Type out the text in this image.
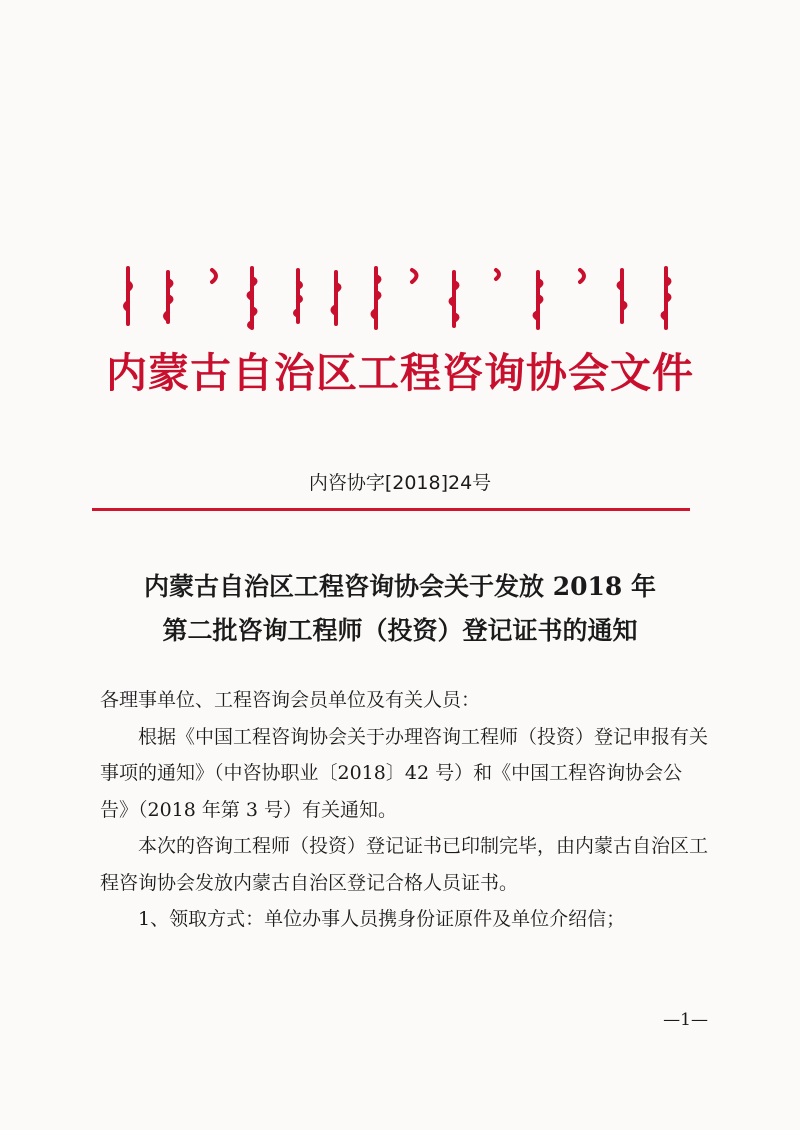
内蒙古自治区工程咨询协会文件
内咨协字[2018]24号
内蒙古自治区工程咨询协会关于发放 2018 年
第二批咨询工程师（投资）登记证书的通知

各理事单位、工程咨询会员单位及有关人员：

根据《中国工程咨询协会关于办理咨询工程师（投资）登记申报有关事项的通知》（中咨协职业〔2018〕42 号）和《中国工程咨询协会公告》（2018 年第 3 号）有关通知。

本次的咨询工程师（投资）登记证书已印制完毕，由内蒙古自治区工程咨询协会发放内蒙古自治区登记合格人员证书。

1、领取方式：单位办事人员携身份证原件及单位介绍信；

—1—
